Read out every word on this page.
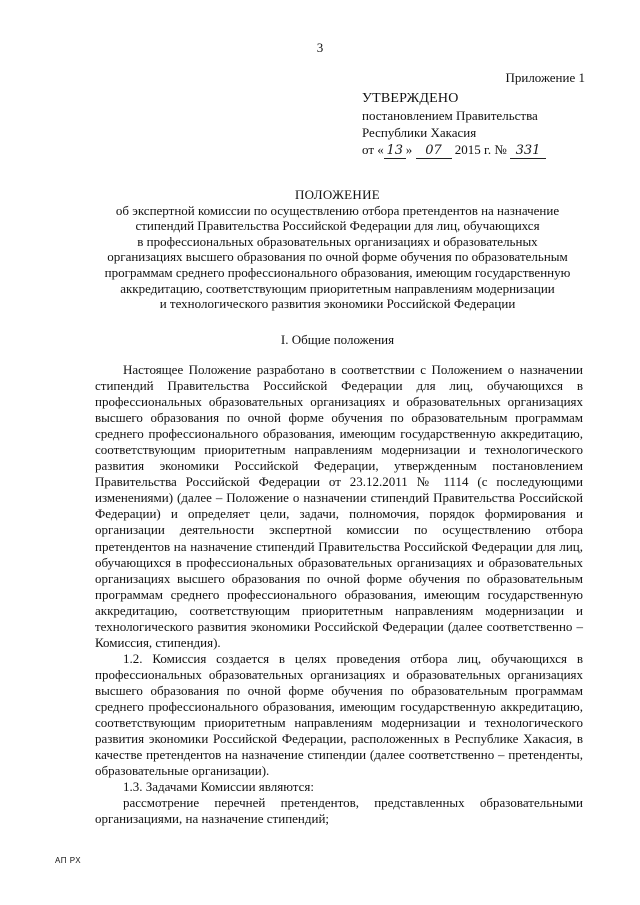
3
Приложение 1
УТВЕРЖДЕНО
постановлением Правительства
Республики Хакасия
от « 13 » 07 2015 г. № 331
ПОЛОЖЕНИЕ
об экспертной комиссии по осуществлению отбора претендентов на назначение
стипендий Правительства Российской Федерации для лиц, обучающихся
в профессиональных образовательных организациях и образовательных
организациях высшего образования по очной форме обучения по образовательным
программам среднего профессионального образования, имеющим государственную
аккредитацию, соответствующим приоритетным направлениям модернизации
и технологического развития экономики Российской Федерации
I. Общие положения

Настоящее Положение разработано в соответствии с Положением о назначении стипендий Правительства Российской Федерации для лиц, обучающихся в профессиональных образовательных организациях и образовательных организациях высшего образования по очной форме обучения по образовательным программам среднего профессионального образования, имеющим государственную аккредитацию, соответствующим приоритетным направлениям модернизации и технологического развития экономики Российской Федерации, утвержденным постановлением Правительства Российской Федерации от 23.12.2011 № 1114 (с последующими изменениями) (далее – Положение о назначении стипендий Правительства Российской Федерации) и определяет цели, задачи, полномочия, порядок формирования и организации деятельности экспертной комиссии по осуществлению отбора претендентов на назначение стипендий Правительства Российской Федерации для лиц, обучающихся в профессиональных образовательных организациях и образовательных организациях высшего образования по очной форме обучения по образовательным программам среднего профессионального образования, имеющим государственную аккредитацию, соответствующим приоритетным направлениям модернизации и технологического развития экономики Российской Федерации (далее соответственно – Комиссия, стипендия).

1.2. Комиссия создается в целях проведения отбора лиц, обучающихся в профессиональных образовательных организациях и образовательных организациях высшего образования по очной форме обучения по образовательным программам среднего профессионального образования, имеющим государственную аккредитацию, соответствующим приоритетным направлениям модернизации и технологического развития экономики Российской Федерации, расположенных в Республике Хакасия, в качестве претендентов на назначение стипендии (далее соответственно – претенденты, образовательные организации).

1.3. Задачами Комиссии являются:

рассмотрение перечней претендентов, представленных образовательными организациями, на назначение стипендий;

АП РХ
